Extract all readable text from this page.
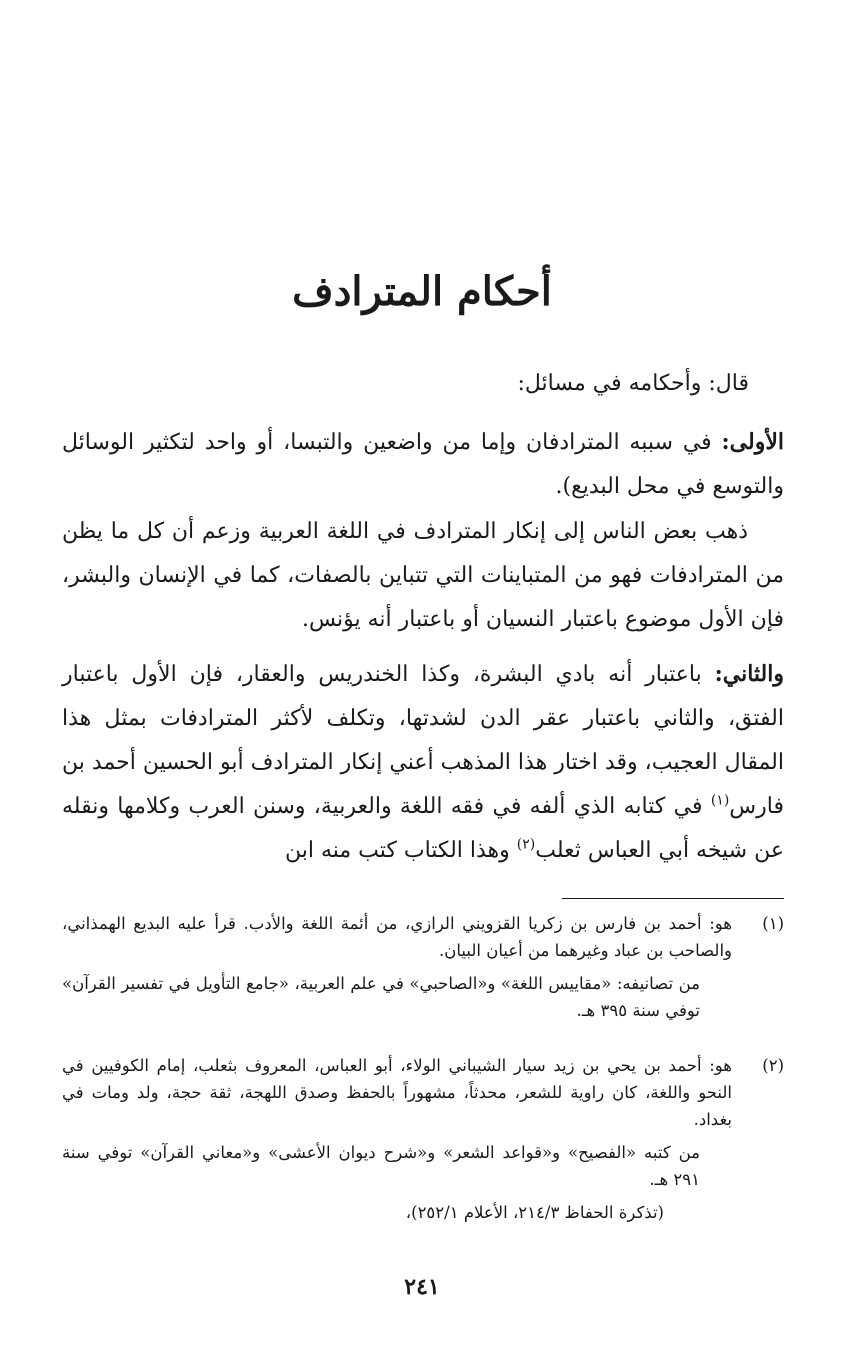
أحكام المترادف

قال: وأحكامه في مسائل:

الأولى: في سببه المترادفان وإما من واضعين والتبسا، أو واحد لتكثير الوسائل والتوسع في محل البديع).

ذهب بعض الناس إلى إنكار المترادف في اللغة العربية وزعم أن كل ما يظن من المترادفات فهو من المتباينات التي تتباين بالصفات، كما في الإنسان والبشر، فإن الأول موضوع باعتبار النسيان أو باعتبار أنه يؤنس.

والثاني: باعتبار أنه بادي البشرة، وكذا الخندريس والعقار، فإن الأول باعتبار الفتق، والثاني باعتبار عقر الدن لشدتها، وتكلف لأكثر المترادفات بمثل هذا المقال العجيب، وقد اختار هذا المذهب أعني إنكار المترادف أبو الحسين أحمد بن فارس$^{(١)}$ في كتابه الذي ألفه في فقه اللغة والعربية، وسنن العرب وكلامها ونقله عن شيخه أبي العباس ثعلب$^{(٢)}$ وهذا الكتاب كتب منه ابن

(١)
هو: أحمد بن فارس بن زكريا القزويني الرازي، من أئمة اللغة والأدب. قرأ عليه البديع الهمذاني، والصاحب بن عباد وغيرهما من أعيان البيان.
من تصانيفه: «مقاييس اللغة» و«الصاحبي» في علم العربية، «جامع التأويل في تفسير القرآن» توفي سنة ٣٩٥ هـ.
(٢)
هو: أحمد بن يحي بن زيد سيار الشيباني الولاء، أبو العباس، المعروف بثعلب، إمام الكوفيين في النحو واللغة، كان راوية للشعر، محدثاً، مشهوراً بالحفظ وصدق اللهجة، ثقة حجة، ولد ومات في بغداد.
من كتبه «الفصيح» و«قواعد الشعر» و«شرح ديوان الأعشى» و«معاني القرآن» توفي سنة ٢٩١ هـ.
(تذكرة الحفاظ ٢١٤/٣، الأعلام ٢٥٢/١)،
٢٤١
